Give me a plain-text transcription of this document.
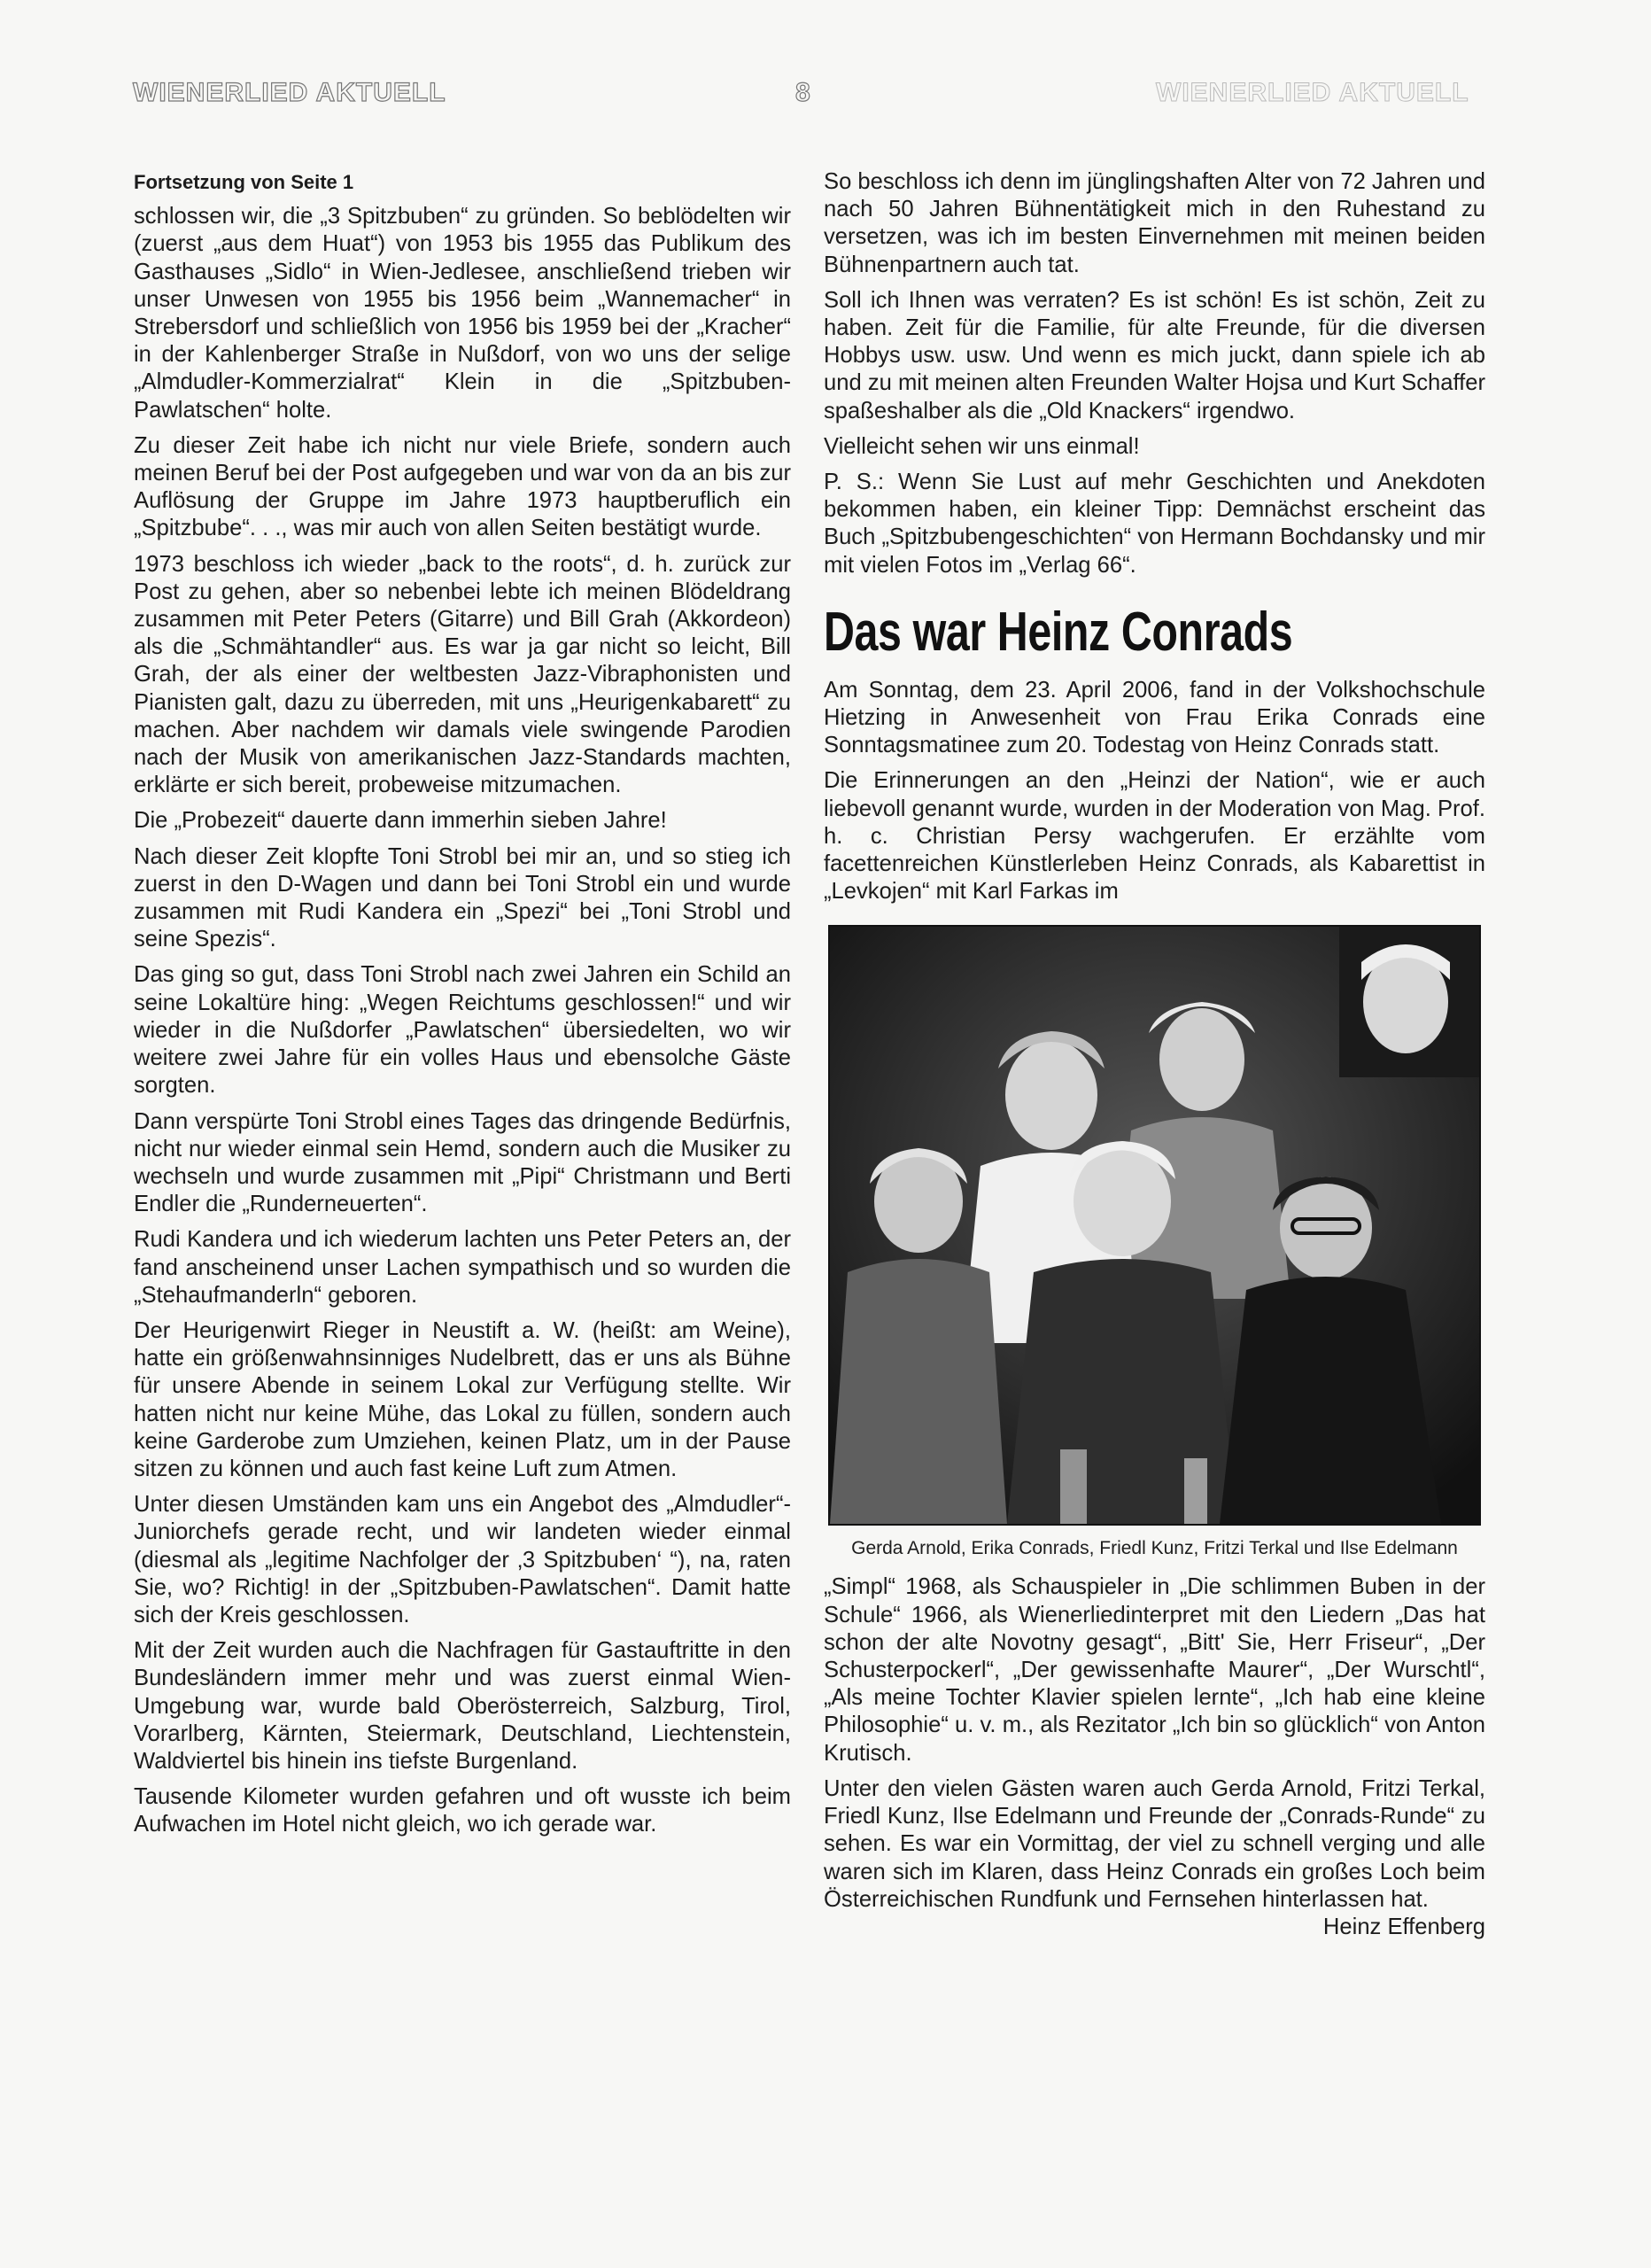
WIENERLIED AKTUELL	8	WIENERLIED AKTUELL

Fortsetzung von Seite 1

schlossen wir, die „3 Spitzbuben“ zu gründen. So beblödelten wir (zuerst „aus dem Huat“) von 1953 bis 1955 das Publikum des Gasthauses „Sidlo“ in Wien-Jedlesee, anschließend trieben wir unser Unwesen von 1955 bis 1956 beim „Wannemacher“ in Strebersdorf und schließlich von 1956 bis 1959 bei der „Kracher“ in der Kahlenberger Straße in Nußdorf, von wo uns der selige „Almdudler-Kommerzialrat“ Klein in die „Spitzbuben-Pawlatschen“ holte.

Zu dieser Zeit habe ich nicht nur viele Briefe, sondern auch meinen Beruf bei der Post aufgegeben und war von da an bis zur Auflösung der Gruppe im Jahre 1973 hauptberuflich ein „Spitzbube“. . ., was mir auch von allen Seiten bestätigt wurde.

1973 beschloss ich wieder „back to the roots“, d. h. zurück zur Post zu gehen, aber so nebenbei lebte ich meinen Blödeldrang zusammen mit Peter Peters (Gitarre) und Bill Grah (Akkordeon) als die „Schmähtandler“ aus. Es war ja gar nicht so leicht, Bill Grah, der als einer der weltbesten Jazz-Vibraphonisten und Pianisten galt, dazu zu überreden, mit uns „Heurigenkabarett“ zu machen. Aber nachdem wir damals viele swingende Parodien nach der Musik von amerikanischen Jazz-Standards machten, erklärte er sich bereit, probeweise mitzumachen.

Die „Probezeit“ dauerte dann immerhin sieben Jahre!

Nach dieser Zeit klopfte Toni Strobl bei mir an, und so stieg ich zuerst in den D-Wagen und dann bei Toni Strobl ein und wurde zusammen mit Rudi Kandera ein „Spezi“ bei „Toni Strobl und seine Spezis“.

Das ging so gut, dass Toni Strobl nach zwei Jahren ein Schild an seine Lokaltüre hing: „Wegen Reichtums geschlossen!“ und wir wieder in die Nußdorfer „Pawlatschen“ übersiedelten, wo wir weitere zwei Jahre für ein volles Haus und ebensolche Gäste sorgten.

Dann verspürte Toni Strobl eines Tages das dringende Bedürfnis, nicht nur wieder einmal sein Hemd, sondern auch die Musiker zu wechseln und wurde zusammen mit „Pipi“ Christmann und Berti Endler die „Runderneuerten“.

Rudi Kandera und ich wiederum lachten uns Peter Peters an, der fand anscheinend unser Lachen sympathisch und so wurden die „Stehaufmanderln“ geboren.

Der Heurigenwirt Rieger in Neustift a. W. (heißt: am Weine), hatte ein größenwahnsinniges Nudelbrett, das er uns als Bühne für unsere Abende in seinem Lokal zur Verfügung stellte. Wir hatten nicht nur keine Mühe, das Lokal zu füllen, sondern auch keine Garderobe zum Umziehen, keinen Platz, um in der Pause sitzen zu können und auch fast keine Luft zum Atmen.

Unter diesen Umständen kam uns ein Angebot des „Almdudler“-Juniorchefs gerade recht, und wir landeten wieder einmal (diesmal als „legitime Nachfolger der ‚3 Spitzbuben‘ “), na, raten Sie, wo? Richtig! in der „Spitzbuben-Pawlatschen“. Damit hatte sich der Kreis geschlossen.

Mit der Zeit wurden auch die Nachfragen für Gastauftritte in den Bundesländern immer mehr und was zuerst einmal Wien-Umgebung war, wurde bald Oberösterreich, Salzburg, Tirol, Vorarlberg, Kärnten, Steiermark, Deutschland, Liechtenstein, Waldviertel bis hinein ins tiefste Burgenland.

Tausende Kilometer wurden gefahren und oft wusste ich beim Aufwachen im Hotel nicht gleich, wo ich gerade war.

So beschloss ich denn im jünglingshaften Alter von 72 Jahren und nach 50 Jahren Bühnentätigkeit mich in den Ruhestand zu versetzen, was ich im besten Einvernehmen mit meinen beiden Bühnenpartnern auch tat.

Soll ich Ihnen was verraten? Es ist schön! Es ist schön, Zeit zu haben. Zeit für die Familie, für alte Freunde, für die diversen Hobbys usw. usw. Und wenn es mich juckt, dann spiele ich ab und zu mit meinen alten Freunden Walter Hojsa und Kurt Schaffer spaßeshalber als die „Old Knackers“ irgendwo.

Vielleicht sehen wir uns einmal!

P. S.: Wenn Sie Lust auf mehr Geschichten und Anekdoten bekommen haben, ein kleiner Tipp: Demnächst erscheint das Buch „Spitzbubengeschichten“ von Hermann Bochdansky und mir mit vielen Fotos im „Verlag 66“.

Das war Heinz Conrads

Am Sonntag, dem 23. April 2006, fand in der Volkshochschule Hietzing in Anwesenheit von Frau Erika Conrads eine Sonntagsmatinee zum 20. Todestag von Heinz Conrads statt.

Die Erinnerungen an den „Heinzi der Nation“, wie er auch liebevoll genannt wurde, wurden in der Moderation von Mag. Prof. h. c. Christian Persy wachgerufen. Er erzählte vom facettenreichen Künstlerleben Heinz Conrads, als Kabarettist in „Levkojen“ mit Karl Farkas im

Gerda Arnold, Erika Conrads, Friedl Kunz, Fritzi Terkal und Ilse Edelmann

„Simpl“ 1968, als Schauspieler in „Die schlimmen Buben in der Schule“ 1966, als Wienerliedinterpret mit den Liedern „Das hat schon der alte Novotny gesagt“, „Bitt' Sie, Herr Friseur“, „Der Schusterpockerl“, „Der gewissenhafte Maurer“, „Der Wurschtl“, „Als meine Tochter Klavier spielen lernte“, „Ich hab eine kleine Philosophie“ u. v. m., als Rezitator „Ich bin so glücklich“ von Anton Krutisch.

Unter den vielen Gästen waren auch Gerda Arnold, Fritzi Terkal, Friedl Kunz, Ilse Edelmann und Freunde der „Conrads-Runde“ zu sehen. Es war ein Vormittag, der viel zu schnell verging und alle waren sich im Klaren, dass Heinz Conrads ein großes Loch beim Österreichischen Rundfunk und Fernsehen hinterlassen hat.
Heinz Effenberg
